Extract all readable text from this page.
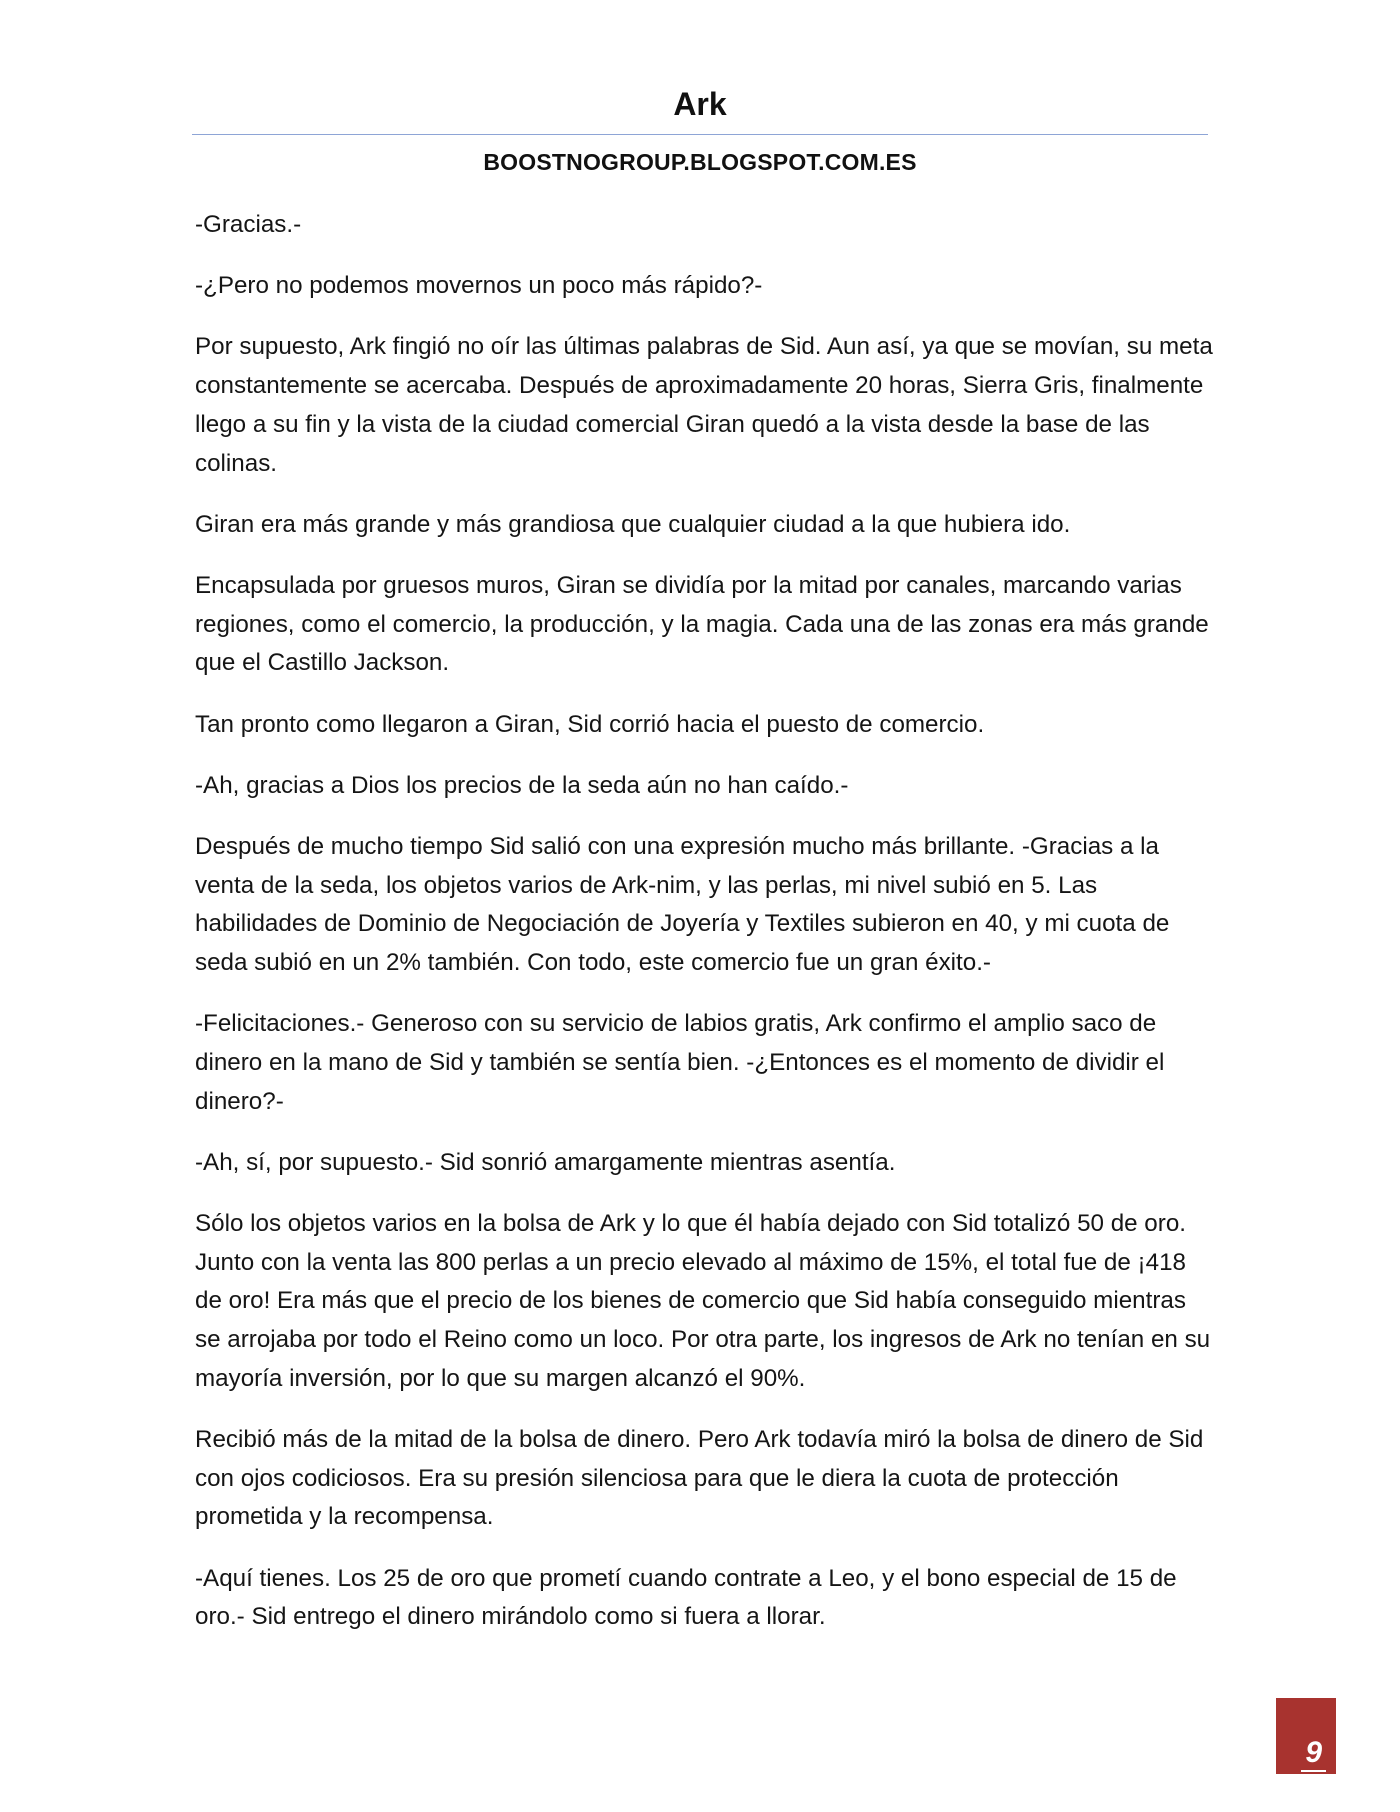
Ark
BOOSTNOGROUP.BLOGSPOT.COM.ES

-Gracias.-

-¿Pero no podemos movernos un poco más rápido?-

Por supuesto, Ark fingió no oír las últimas palabras de Sid. Aun así, ya que se movían, su meta constantemente se acercaba. Después de aproximadamente 20 horas, Sierra Gris, finalmente llego a su fin y la vista de la ciudad comercial Giran quedó a la vista desde la base de las colinas.

Giran era más grande y más grandiosa que cualquier ciudad a la que hubiera ido.

Encapsulada por gruesos muros, Giran se dividía por la mitad por canales, marcando varias regiones, como el comercio, la producción, y la magia. Cada una de las zonas era más grande que el Castillo Jackson.

Tan pronto como llegaron a Giran, Sid corrió hacia el puesto de comercio.

-Ah, gracias a Dios los precios de la seda aún no han caído.-

Después de mucho tiempo Sid salió con una expresión mucho más brillante. -Gracias a la venta de la seda, los objetos varios de Ark-nim, y las perlas, mi nivel subió en 5. Las habilidades de Dominio de Negociación de Joyería y Textiles subieron en 40, y mi cuota de seda subió en un 2% también. Con todo, este comercio fue un gran éxito.-

-Felicitaciones.- Generoso con su servicio de labios gratis, Ark confirmo el amplio saco de dinero en la mano de Sid y también se sentía bien. -¿Entonces es el momento de dividir el dinero?-

-Ah, sí, por supuesto.- Sid sonrió amargamente mientras asentía.

Sólo los objetos varios en la bolsa de Ark y lo que él había dejado con Sid totalizó 50 de oro. Junto con la venta las 800 perlas a un precio elevado al máximo de 15%, el total fue de ¡418 de oro! Era más que el precio de los bienes de comercio que Sid había conseguido mientras se arrojaba por todo el Reino como un loco. Por otra parte, los ingresos de Ark no tenían en su mayoría inversión, por lo que su margen alcanzó el 90%.

Recibió más de la mitad de la bolsa de dinero. Pero Ark todavía miró la bolsa de dinero de Sid con ojos codiciosos. Era su presión silenciosa para que le diera la cuota de protección prometida y la recompensa.

-Aquí tienes. Los 25 de oro que prometí cuando contrate a Leo, y el bono especial de 15 de oro.- Sid entrego el dinero mirándolo como si fuera a llorar.

9
